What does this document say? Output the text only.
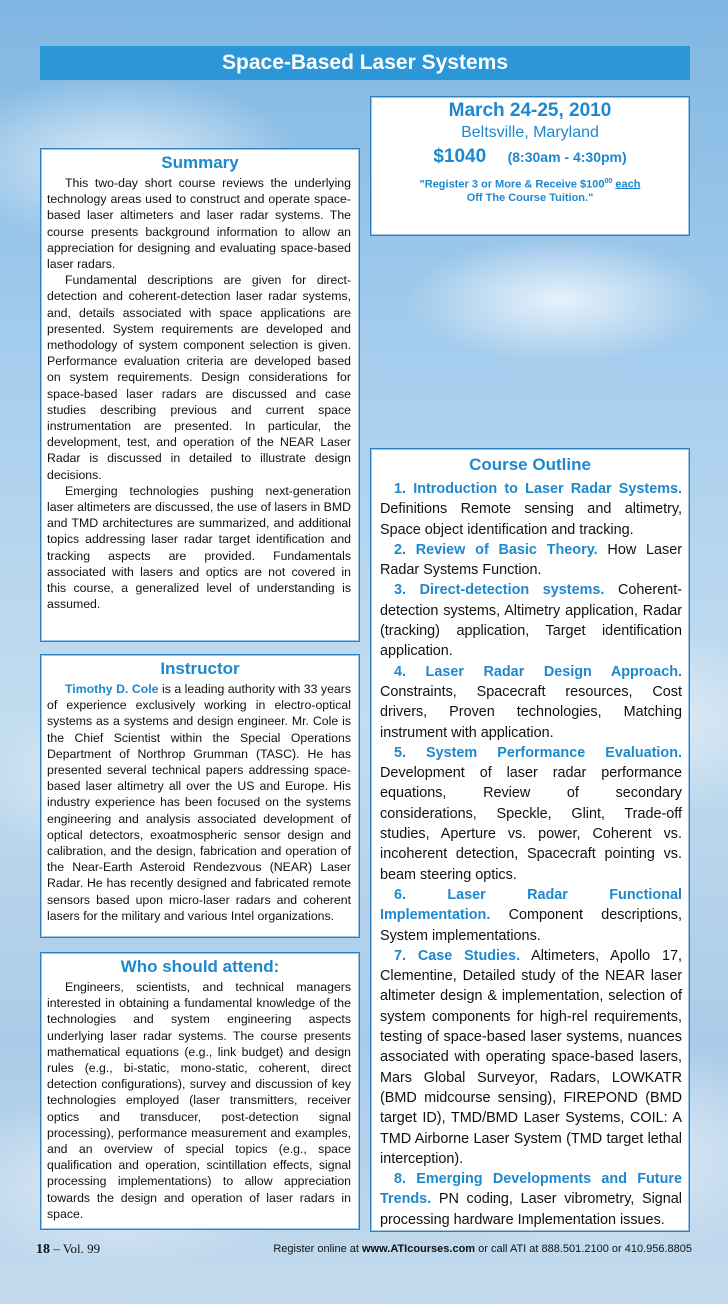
Space-Based Laser Systems
March 24-25, 2010
Beltsville, Maryland
$1040 (8:30am - 4:30pm)
"Register 3 or More & Receive $\$100^{00}$ each
Off The Course Tuition."
Summary

This two-day short course reviews the underlying technology areas used to construct and operate space-based laser altimeters and laser radar systems. The course presents background information to allow an appreciation for designing and evaluating space-based laser radars.

Fundamental descriptions are given for direct-detection and coherent-detection laser radar systems, and, details associated with space applications are presented. System requirements are developed and methodology of system component selection is given. Performance evaluation criteria are developed based on system requirements. Design considerations for space-based laser radars are discussed and case studies describing previous and current space instrumentation are presented. In particular, the development, test, and operation of the NEAR Laser Radar is discussed in detailed to illustrate design decisions.

Emerging technologies pushing next-generation laser altimeters are discussed, the use of lasers in BMD and TMD architectures are summarized, and additional topics addressing laser radar target identification and tracking aspects are provided. Fundamentals associated with lasers and optics are not covered in this course, a generalized level of understanding is assumed.

Instructor

Timothy D. Cole is a leading authority with 33 years of experience exclusively working in electro-optical systems as a systems and design engineer. Mr. Cole is the Chief Scientist within the Special Operations Department of Northrop Grumman (TASC). He has presented several technical papers addressing space-based laser altimetry all over the US and Europe. His industry experience has been focused on the systems engineering and analysis associated development of optical detectors, exoatmospheric sensor design and calibration, and the design, fabrication and operation of the Near-Earth Asteroid Rendezvous (NEAR) Laser Radar. He has recently designed and fabricated remote sensors based upon micro-laser radars and coherent lasers for the military and various Intel organizations.

Who should attend:

Engineers, scientists, and technical managers interested in obtaining a fundamental knowledge of the technologies and system engineering aspects underlying laser radar systems. The course presents mathematical equations (e.g., link budget) and design rules (e.g., bi-static, mono-static, coherent, direct detection configurations), survey and discussion of key technologies employed (laser transmitters, receiver optics and transducer, post-detection signal processing), performance measurement and examples, and an overview of special topics (e.g., space qualification and operation, scintillation effects, signal processing implementations) to allow appreciation towards the design and operation of laser radars in space.

Course Outline

1. Introduction to Laser Radar Systems. Definitions Remote sensing and altimetry, Space object identification and tracking.

2. Review of Basic Theory. How Laser Radar Systems Function.

3. Direct-detection systems. Coherent-detection systems, Altimetry application, Radar (tracking) application, Target identification application.

4. Laser Radar Design Approach. Constraints, Spacecraft resources, Cost drivers, Proven technologies, Matching instrument with application.

5. System Performance Evaluation. Development of laser radar performance equations, Review of secondary considerations, Speckle, Glint, Trade-off studies, Aperture vs. power, Coherent vs. incoherent detection, Spacecraft pointing vs. beam steering optics.

6. Laser Radar Functional Implementation. Component descriptions, System implementations.

7. Case Studies. Altimeters, Apollo 17, Clementine, Detailed study of the NEAR laser altimeter design & implementation, selection of system components for high-rel requirements, testing of space-based laser systems, nuances associated with operating space-based lasers, Mars Global Surveyor, Radars, LOWKATR (BMD midcourse sensing), FIREPOND (BMD target ID), TMD/BMD Laser Systems, COIL: A TMD Airborne Laser System (TMD target lethal interception).

8. Emerging Developments and Future Trends. PN coding, Laser vibrometry, Signal processing hardware Implementation issues.

18 – Vol. 99	Register online at www.ATIcourses.com or call ATI at 888.501.2100 or 410.956.8805
